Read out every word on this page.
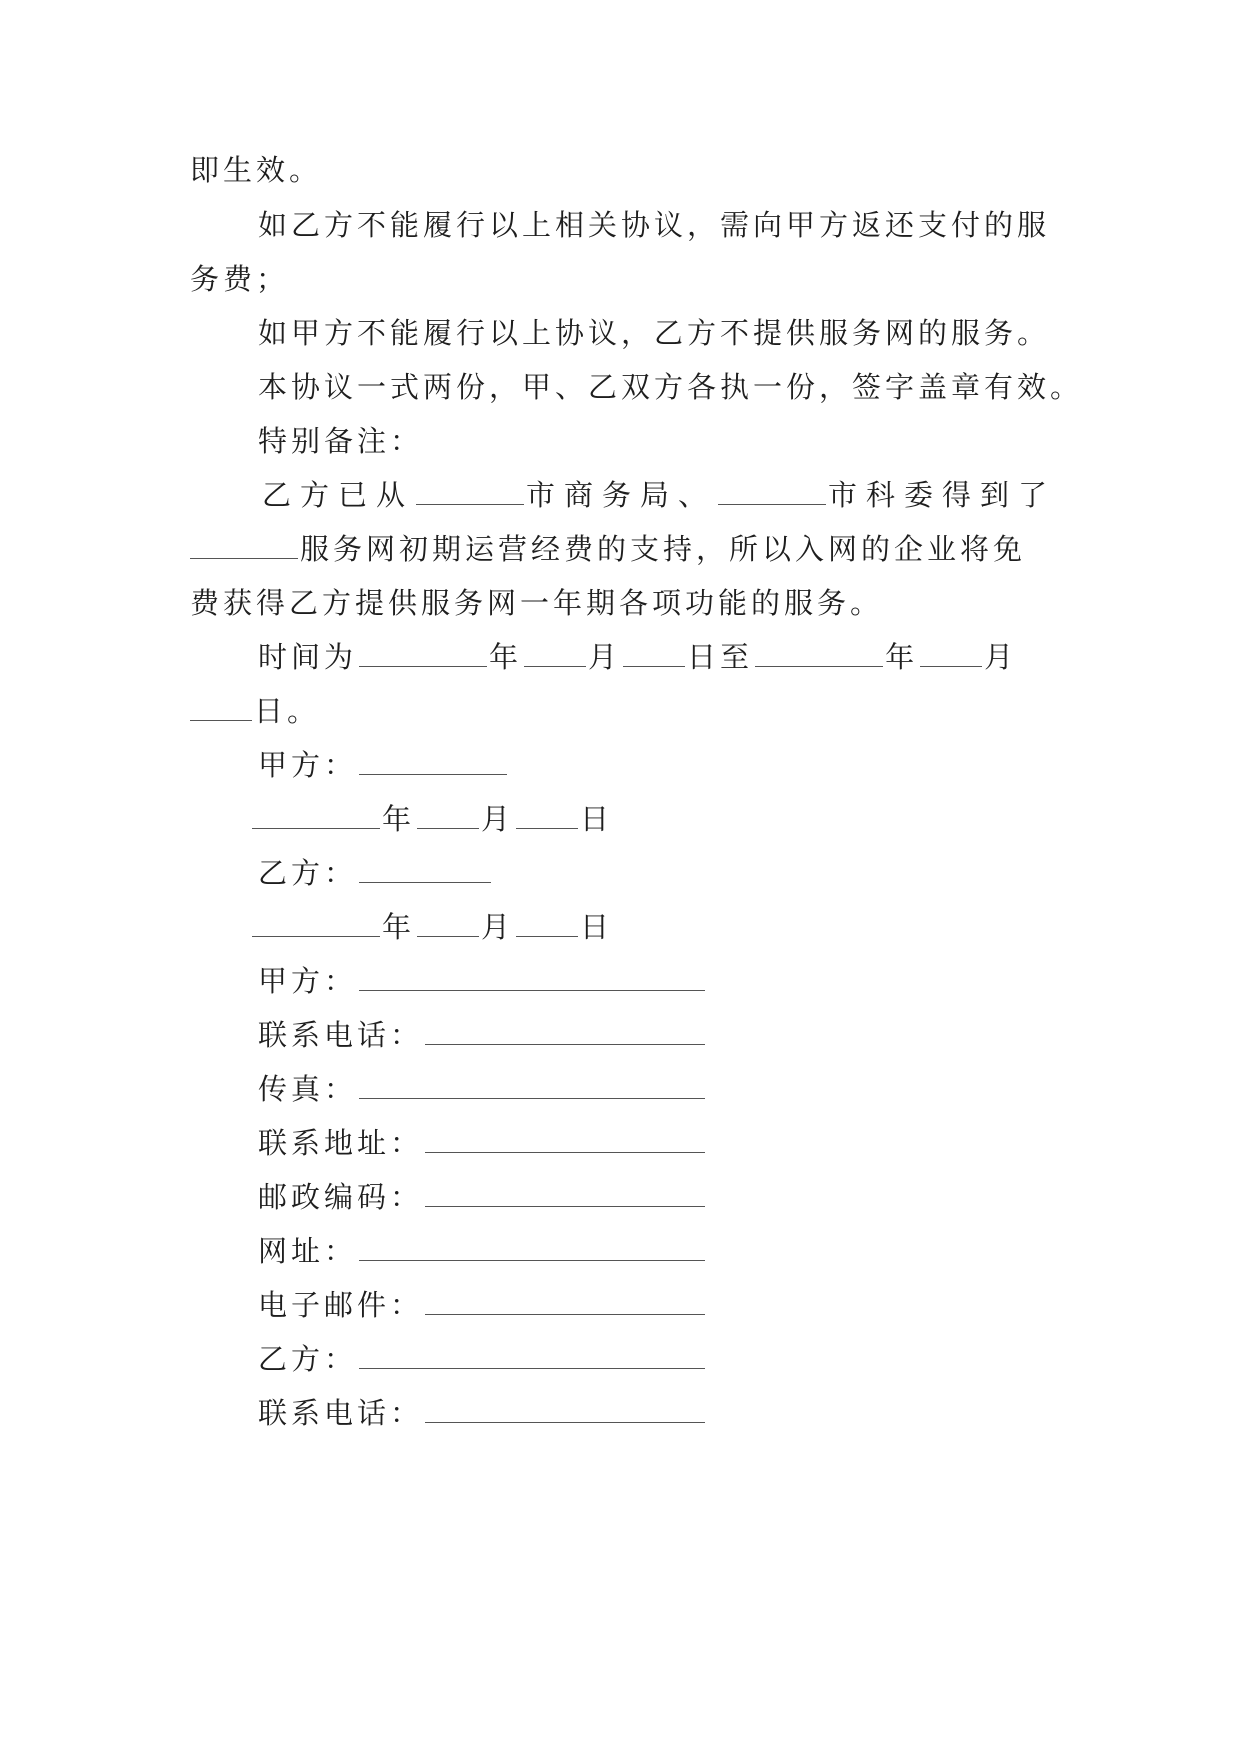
即生效。
如乙方不能履行以上相关协议，需向甲方返还支付的服
务费；
如甲方不能履行以上协议，乙方不提供服务网的服务。
本协议一式两份，甲、乙双方各执一份，签字盖章有效。
特别备注：
乙方已从	市商务局、	市科委得到了
服务网初期运营经费的支持，所以入网的企业将免
费获得乙方提供服务网一年期各项功能的服务。
时间为	年 月 日至	年 月
日。
甲方：
年 月 日
乙方：
年 月 日
甲方：
联系电话：
传真：
联系地址：
邮政编码：
网址：
电子邮件：
乙方：
联系电话：
